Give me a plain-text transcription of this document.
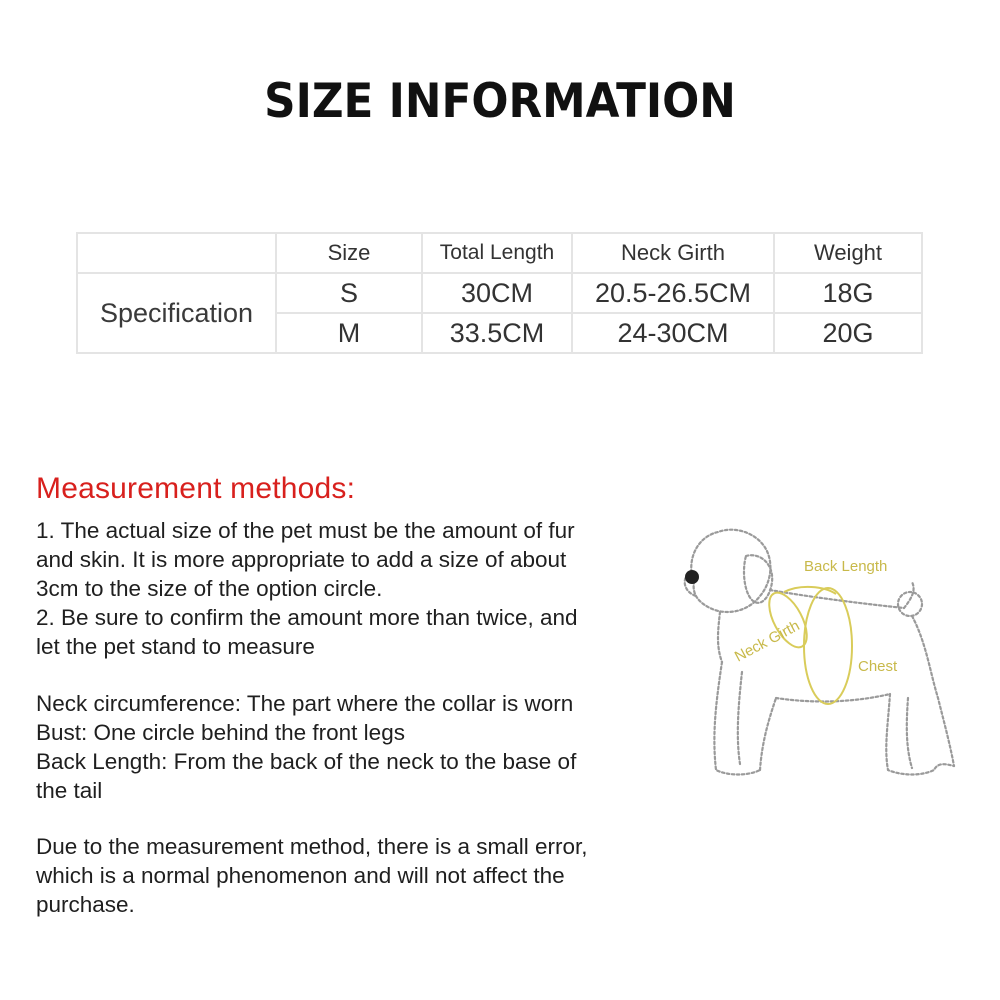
SIZE INFORMATION
	Size	Total Length	Neck Girth	Weight
Specification	S	30CM	20.5-26.5CM	18G
	M	33.5CM	24-30CM	20G
Measurement methods:

1. The actual size of the pet must be the amount of fur

and skin. It is more appropriate to add a size of about

3cm to the size of the option circle.

2. Be sure to confirm the amount more than twice, and

let the pet stand to measure

Neck circumference: The part where the collar is worn

Bust: One circle behind the front legs

Back Length: From the back of the neck to the base of

the tail

Due to the measurement method, there is a small error,

which is a normal phenomenon and will not affect the

purchase.

Back Length
Neck Girth
Chest
